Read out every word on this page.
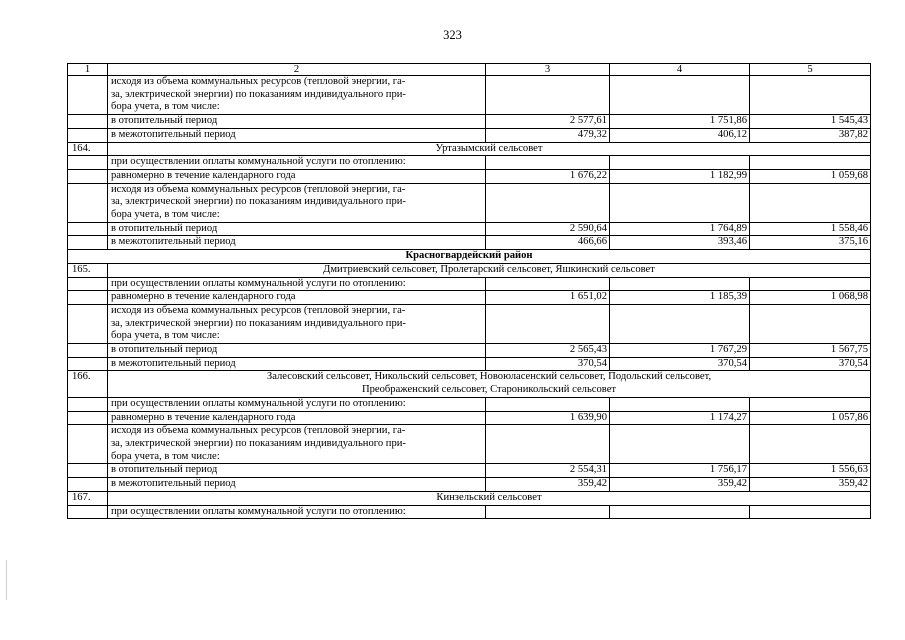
323
1	2	3	4	5

	исходя из объема коммунальных ресурсов (тепловой энергии, га-
за, электрической энергии) по показаниям индивидуального при-
бора учета, в том числе:			

	в отопительный период	2 577,61	1 751,86	1 545,43

	в межотопительный период	479,32	406,12	387,82
164.	Уртазымский сельсовет			

	при осуществлении оплаты коммунальной услуги по отоплению:			

	равномерно в течение календарного года	1 676,22	1 182,99	1 059,68

	исходя из объема коммунальных ресурсов (тепловой энергии, га-
за, электрической энергии) по показаниям индивидуального при-
бора учета, в том числе:			

	в отопительный период	2 590,64	1 764,89	1 558,46

	в межотопительный период	466,66	393,46	375,16

Красногвардейский район				

165.	Дмитриевский сельсовет, Пролетарский сельсовет, Яшкинский сельсовет			

	при осуществлении оплаты коммунальной услуги по отоплению:			

	равномерно в течение календарного года	1 651,02	1 185,39	1 068,98

	исходя из объема коммунальных ресурсов (тепловой энергии, га-
за, электрической энергии) по показаниям индивидуального при-
бора учета, в том числе:			

	в отопительный период	2 565,43	1 767,29	1 567,75

	в межотопительный период	370,54	370,54	370,54
166.	Залесовский сельсовет, Никольский сельсовет, Новоюласенский сельсовет, Подольский сельсовет,
Преображенский сельсовет, Староникольский сельсовет			

	при осуществлении оплаты коммунальной услуги по отоплению:			

	равномерно в течение календарного года	1 639,90	1 174,27	1 057,86

	исходя из объема коммунальных ресурсов (тепловой энергии, га-
за, электрической энергии) по показаниям индивидуального при-
бора учета, в том числе:			

	в отопительный период	2 554,31	1 756,17	1 556,63

	в межотопительный период	359,42	359,42	359,42
167.	Кинзельский сельсовет			

	при осуществлении оплаты коммунальной услуги по отоплению:			
